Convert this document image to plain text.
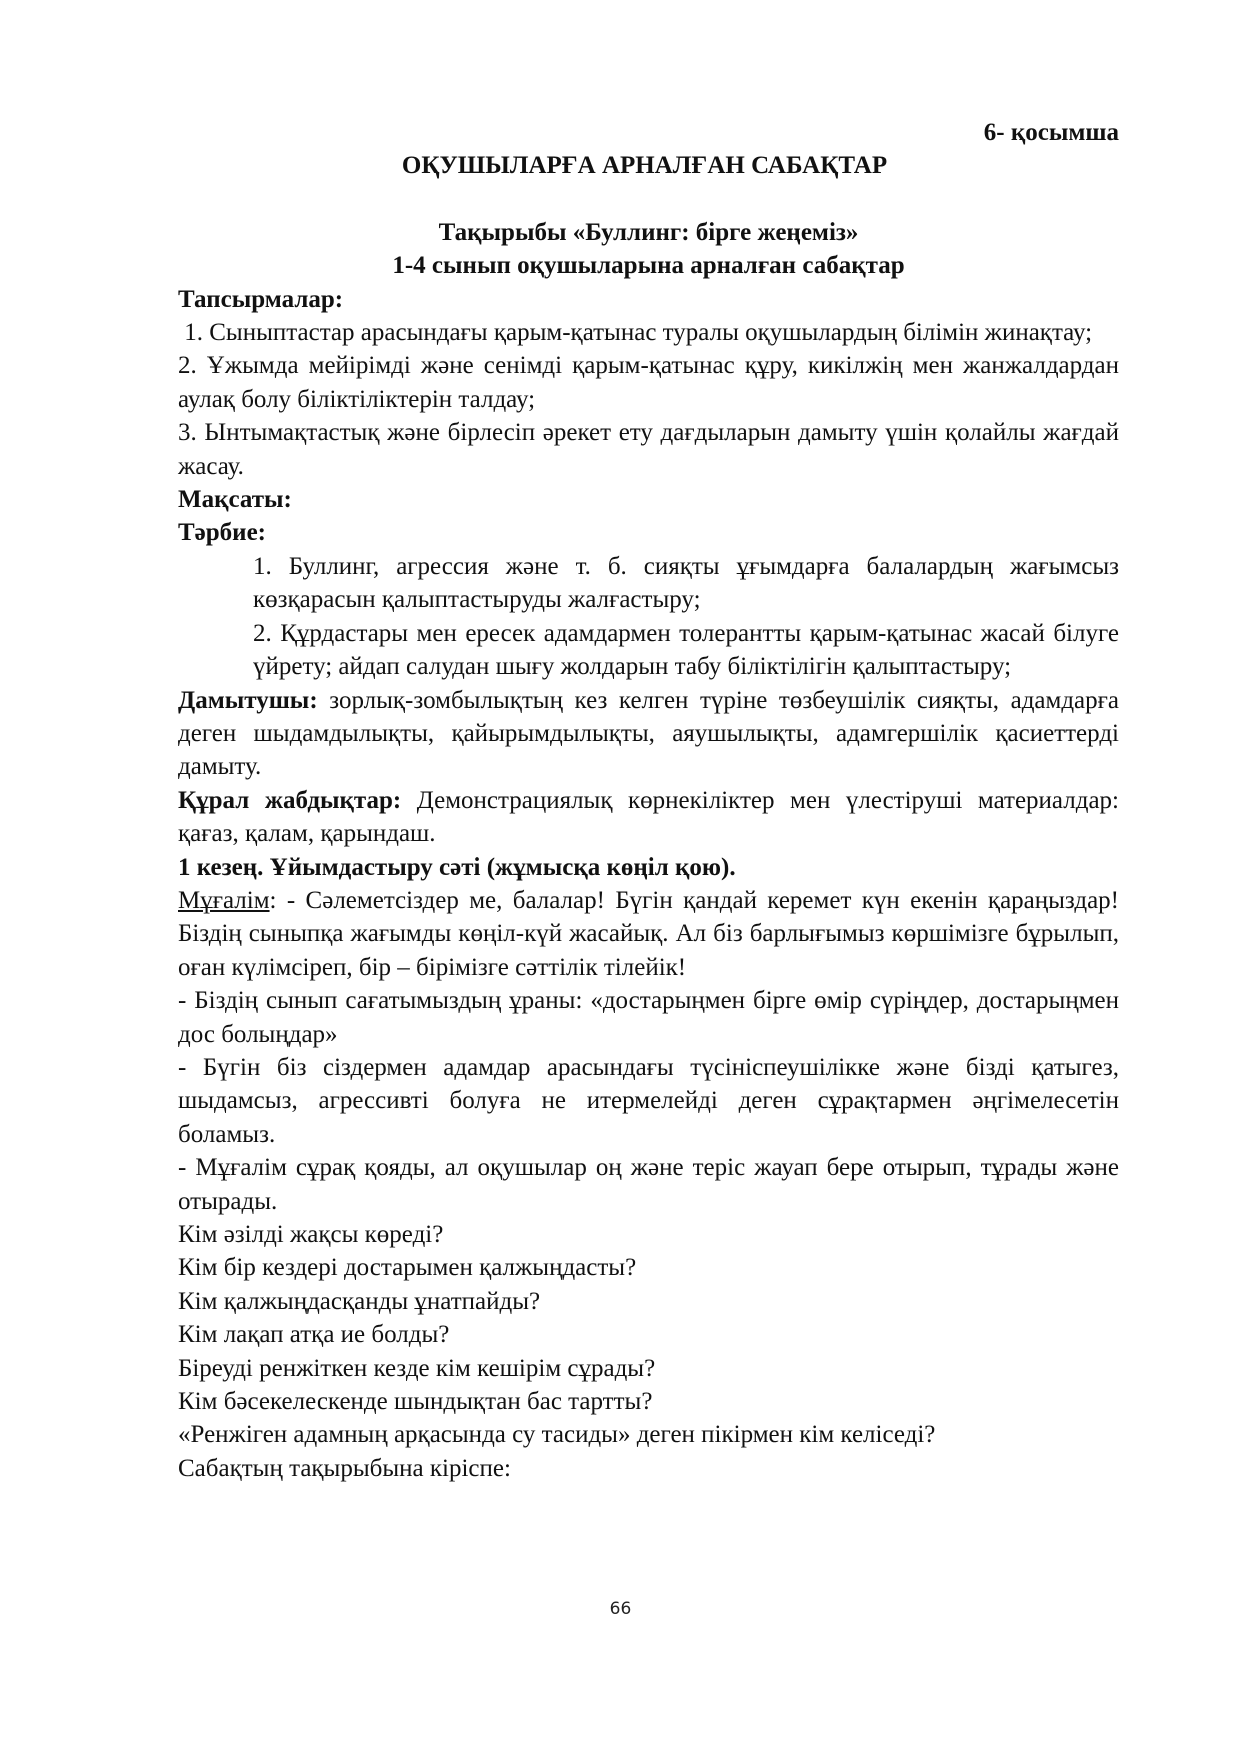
6- қосымша

ОҚУШЫЛАРҒА АРНАЛҒАН САБАҚТАР

Тақырыбы «Буллинг: бірге жеңеміз»

1-4 сынып оқушыларына арналған сабақтар

Тапсырмалар:

1. Сыныптастар арасындағы қарым-қатынас туралы оқушылардың білімін жинақтау;

2. Ұжымда мейірімді және сенімді қарым-қатынас құру, кикілжің мен жанжалдардан аулақ болу біліктіліктерін талдау;

3. Ынтымақтастық және бірлесіп әрекет ету дағдыларын дамыту үшін қолайлы жағдай жасау.

Мақсаты:

Тәрбие:

1. Буллинг, агрессия және т. б. сияқты ұғымдарға балалардың жағымсыз көзқарасын қалыптастыруды жалғастыру;

2. Құрдастары мен ересек адамдармен толерантты қарым-қатынас жасай білуге үйрету; айдап салудан шығу жолдарын табу біліктілігін қалыптастыру;

Дамытушы: зорлық-зомбылықтың кез келген түріне төзбеушілік сияқты, адамдарға деген шыдамдылықты, қайырымдылықты, аяушылықты, адамгершілік қасиеттерді дамыту.

Құрал жабдықтар: Демонстрациялық көрнекіліктер мен үлестіруші материалдар: қағаз, қалам, қарындаш.

1 кезең. Ұйымдастыру сәті (жұмысқа көңіл қою).

Мұғалім: - Сәлеметсіздер ме, балалар! Бүгін қандай керемет күн екенін қараңыздар! Біздің сыныпқа жағымды көңіл-күй жасайық. Ал біз барлығымыз көршімізге бұрылып, оған күлімсіреп, бір – бірімізге сәттілік тілейік!

- Біздің сынып сағатымыздың ұраны: «достарыңмен бірге өмір сүріңдер, достарыңмен дос болыңдар»

- Бүгін біз сіздермен адамдар арасындағы түсініспеушілікке және бізді қатыгез, шыдамсыз, агрессивті болуға не итермелейді деген сұрақтармен әңгімелесетін боламыз.

- Мұғалім сұрақ қояды, ал оқушылар оң және теріс жауап бере отырып, тұрады және отырады.

Кім әзілді жақсы көреді?

Кім бір кездері достарымен қалжыңдасты?

Кім қалжыңдасқанды ұнатпайды?

Кім лақап атқа ие болды?

Біреуді ренжіткен кезде кім кешірім сұрады?

Кім бәсекелескенде шындықтан бас тартты?

«Ренжіген адамның арқасында су тасиды» деген пікірмен кім келіседі?

Сабақтың тақырыбына кіріспе:

66
